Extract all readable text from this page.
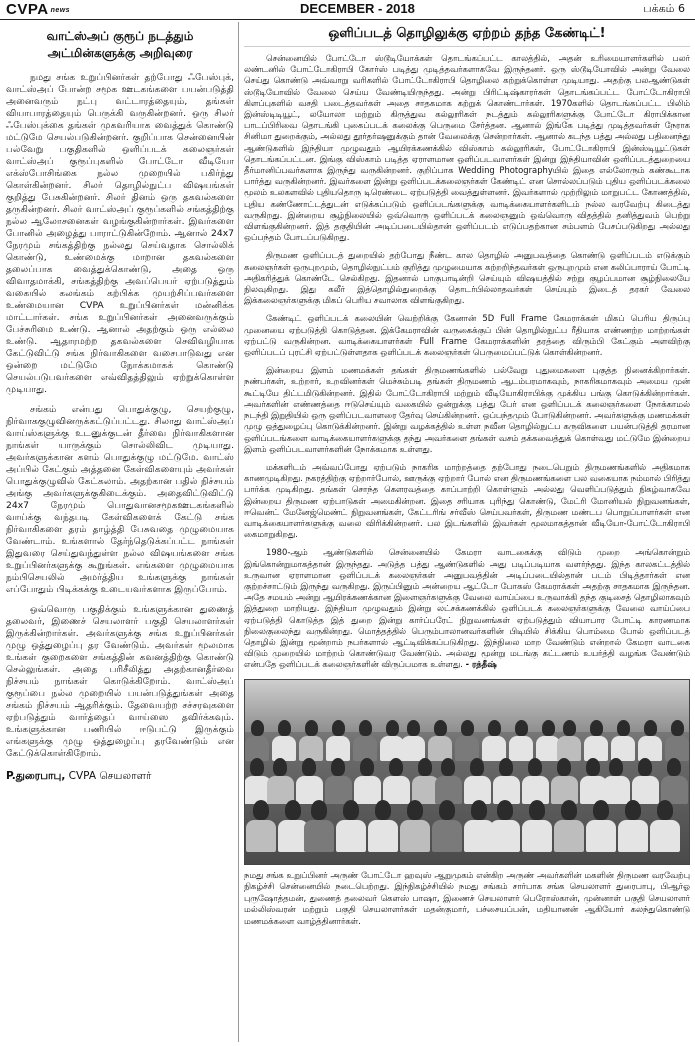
CVPA news	DECEMBER - 2018	பக்கம் 6
வாட்ஸ்அப் குரூப் நடத்தும் அட்மின்களுக்கு அறிவுரை

நமது சங்க உறுப்பினர்கள் தற்போது ஃபேஸ்புக், வாட்ஸ்அப் போன்ற சமூக ஊடகங்களை பயன்படுத்தி அனைவரும் நட்பு வட்டாரத்தையும், தங்கள் வியாபாரத்தையும் பெருக்கி வருகின்றனர். ஒரு சிலர் ஃபேஸ்புக்கை தங்கள் முகவரியாக வைத்துக் கொண்டு மட்டுமே செயல்படுகின்றனர். குறிப்பாக சென்னையின் பல்வேறு பகுதிகளில் ஒளிப்படக் கலைஞர்கள் வாட்ஸ்அப் குரூப்புகளில் போட்டோ வீடியோ எக்ஸ்போசிங்கை நல்ல முறையில் பகிர்ந்து கொள்கின்றனர். சிலர் தொழில்நுட்ப விஷயங்கள் குறித்து பேசுகின்றனர். சிலர் தினம் ஒரு தகவல்களை தருகின்றனர். சிலர் வாட்ஸ்அப் குரூப்களில் சங்கத்திற்கு நல்ல ஆலோசனைகள் வழங்குகின்றார்கள். இவர்களை போனில் அழைத்து பாராட்டுகின்றோம். ஆனால் 24x7 நேரமும் சங்கத்திற்கு நல்லது செய்வதாக சொல்லிக் கொண்டு, உண்மைக்கு மாறான தகவல்களை தலைப்பாக வைத்துக்கொண்டு, அதை ஒரு விவாதமாக்கி, சங்கத்திற்கு அவப்பெயர் ஏற்படுத்தும் வகையில் கலங்கம் கற்பிக்க முயற்சிப்பவர்களை உண்மையான CVPA உறுப்பினர்கள் மன்னிக்க மாட்டார்கள். சங்க உறுப்பினர்கள் அனைவருக்கும் பேச்சுரிமை உண்டு. ஆனால் அதற்கும் ஒரு எல்லை உண்டு. ஆதாரமற்ற தகவல்களை செவிவழியாக கேட்டுவிட்டு சங்க நிர்வாகிகளை வசைபாடுவது என ஒன்றை மட்டுமே நோக்கமாகக் கொண்டு செயல்படுபவர்களை எவ்விதத்திலும் ஏற்றுக்கொள்ள முடியாது.

சங்கம் என்பது பொதுக்குழு, செயற்குழு, நிர்வாககுழுவினருக்கட்டுப்பட்டது. சிலாது வாட்ஸ்அப் வாய்ஸ்களுக்கு உடனுக்குடன் தீர்வை நிர்வாகிகளான நாங்கள் யாருக்கும் சொல்லிவிட முடியாது. அவர்களுக்கான களம் பொதுக்குழு மட்டுமே. வாட்ஸ் அப்பில் கேட்கும் அத்தனை கேள்விகளையும் அவர்கள் பொதுக்குழுவில் கேட்கலாம். அதற்கான பதில் நிச்சயம் அங்கு அவர்களுக்குகிடைக்கும். அதைவிட்டுவிட்டு 24x7 நேரமும் பொதுவானசமூகஊடகங்களில் வாய்க்கு வந்தபடி கேள்விகளைக் கேட்டு சங்க நிர்வாகிகளை தரம் தாழ்த்தி பேசுவதை முழுமையாக வேண்டாம். உங்களால் தேர்ந்தெடுக்கப்பட்ட நாங்கள் இதுவரை செய்துவந்துள்ள நல்ல விஷயங்களை சங்க உறுப்பினர்களுக்கு கூறுங்கள். எங்களை முழுமையாக நம்பிசெயலில் அமர்த்திய உங்களுக்கு நாங்கள் எப்போதும் பிடிக்கக்கு உடையவர்களாக இருப்போம்.

ஒவ்வொரு பகுதிக்கும் உங்களுக்கான துணைத் தலைவர், இணைச் செயலாளர் பகுதி செயலாளர்கள் இருக்கின்றார்கள். அவர்களுக்கு சங்க உறுப்பினர்கள் முழு ஒத்துழைப்பு தர வேண்டும். அவர்கள் மூலமாக உங்கள் குறைகளை சங்கத்தின் கவனத்திற்கு கொண்டு செல்லுங்கள். அதை பரிசீலித்து அதற்கானதீர்வை நிச்சயம் நாங்கள் கொடுக்கிறோம். வாட்ஸ்அப் குரூப்பை நல்ல முறையில் பயன்படுத்துங்கள் அதை சங்கம் நிச்சயம் ஆதரிக்கும். தேவையற்ற சச்சரவுகளை ஏற்படுத்தும் வார்த்தைப் வாய்ஸை தவிர்க்கவும். உங்களுக்கான பணியில் ஈடுபட்டு இருக்கும் எங்களுக்கு முழு ஒத்துழைப்பு தரவேண்டும் என கேட்டுக்கொள்கிறோம்.

P.துரைபாபு, CVPA செயலாளர்
ஒளிப்படத் தொழிலுக்கு ஏற்றம் தந்த கேண்டிட்!

சென்னையில் போட்டோ ஸ்டூடியோக்கள் தொடங்கப்பட்ட காலத்தில், அதன் உரிமையாளர்களில் பலர் லண்டனில் போட்டோகிராபி கோர்ஸ் படித்து முடித்தவர்களாகவே இருந்தனர். ஒரு ஸ்டூடியோவில் அன்று வேலை செய்து கொண்டு அவ்வாறு வரிகளில் போட்டோகிராபி தொழிலை கற்றுக்கொள்ள முடியாது. அதற்கு பலஆண்டுகள் ஸ்டூடியோவில் வேலை செய்ய வேண்டியிருந்தது. அன்று பிரிட்டிஷ்காரர்கள் தொடங்கப்பட்ட போட்டோகிராபி கிளப்புகளில் வசதி படைத்தவர்கள் அதை சாதகமாக கற்றுக் கொண்டார்கள். 1970களில் தொடங்கப்பட்ட பிலிம் இன்ஸ்டிடியூட், லயோலா மற்றும் கிருத்துவ கல்லூரிகள் நடத்தும் கல்லூரிகளுக்கு போட்டோ கிராபிக்கான பாடப்பிரிவை தொடங்கி புகைப்படக் கலைக்கு பெருமை சேர்த்தன. ஆனால் இங்கே படித்து முடித்தவர்கள் நேராக சினிமா துறைக்கும், அல்லது தூர்தர்ஷனுக்கும் தான் வேலைக்கு சென்றார்கள். ஆனால் கடந்த பத்து அல்லது பதினைந்து ஆண்டுகளில் இந்தியா முழுவதும் ஆயிரக்கணக்கில் விஸ்காம் கல்லூரிகள், போட்டோகிராபி இன்ஸ்டியூட்டுகள் தொடங்கப்பட்டன. இங்கு விஸ்காம் படித்த ஏராளமான ஒளிப்படவாளர்கள் இன்று இந்தியாவின் ஒளிப்படத்துறையை தீர்மானிப்பவர்களாக இருந்து வருகின்றனர். குறிப்பாக Wedding Photographyயில் இதை எல்லோரும் கண்கூடாக பார்த்து வருகின்றனர். இவர்களை இன்று ஒளிப்படக்கலைஞர்கள் கேண்டிட் என சொல்லப்படும் புதிய ஒளிப்படக்கலை மூலம் உலகளவில் புதியதொரு டிரெண்டை ஏற்படுத்தி வைத்துள்ளனர். இவர்களால் முற்றிலும் மாறுபட்ட கோணத்தில், புதிய கண்ணோட்டத்துடன் எடுக்கப்படும் ஒளிப்படங்களுக்கு வாடிக்கையாளர்களிடம் நல்ல வரவேற்பு கிடைத்து வருகிறது. இன்றைய சூழ்நிலையில் ஒவ்வொரு ஒளிப்படக் கலைஞனும் ஒவ்வொரு விதத்தில் தனித்துவம் பெற்று விளங்குகின்றனர். இத் தகுதியின் அடிப்படையில்தான் ஒளிப்படம் எடுப்பதற்கான சம்பளம் பேசப்படுகிறது அல்லது ஒப்பந்தம் போடப்படுகிறது.

திருமண ஒளிப்படத் துறையில் தற்போது நீண்ட கால தொழில் அனுபவத்தை கொண்டு ஒளிப்படம் எடுக்கும் கலைஞர்கள் ஒருபுறமும், தொழில்நுட்பம் குறித்து முழுமையாக கற்றறிந்தவர்கள் ஒருபுறமும் என கலிப்பாராய் போட்டி அதிகரித்துக் கொண்டே செல்கிறது. இதனால் பாகுபாடின்றி செய்யும் விஷயத்தில் சற்று குழப்பமான சூழ்நிலையே நிலவுகிறது. இது கலீர் இத்தொழில்துறைக்கு தொடர்பில்லாதவர்கள் செய்யும் இடைத் தரகர் வேலை இக்கலைஞர்களுக்கு மிகப் பெரிய சவாலாக விளங்குகிறது.

கேண்டிட் ஒளிப்படக் கலையின் வெற்றிக்கு கேனான் 5D Full Frame கேமராக்கள் மிகப் பெரிய திருப்பு முனையை ஏற்படுத்தி கொடுத்தன. இக்கேமராவின் வருகைக்குப் பின் தொழில்நுட்ப ரீதியாக எண்ணற்ற மாற்றங்கள் ஏற்பட்டு வருகின்றன. வாடிக்கையாளர்கள் Full Frame கேமராக்களின் தரத்தை விரும்பி கேட்கும் அளவிற்கு ஒளிப்படப் புரட்சி ஏற்பட்டுள்ளதாக ஒளிப்படக் கலைஞர்கள் பெருமைப்பட்டுக் கொள்கின்றனர்.

இன்றைய இளம் மணமக்கள் தங்கள் திருமணங்களில் பல்வேறு புதுமைகளை புகுத்த நினைக்கிறார்கள். நண்பர்கள், உற்றார், உறவினர்கள் மெச்சும்படி தங்கள் திருமணம் ஆடம்பரமாகவும், நாகரிகமாகவும் அமைய முன் கூட்டியே திட்டமிடுகின்றனர். இதில் போட்டோகிராபி மற்றும் வீடியோகிராபிக்கு முக்கிய பங்கு கொடுக்கின்றார்கள். அவர்களின் எண்ணத்தை ஈடுசெய்யும் வகையில் ஒன்றுக்கு பத்து பேர் என ஒளிப்படக் கலைஞர்களை நோக்காமல் நடந்தி இறுதியில் ஒரு ஒளிப்படவாளரை தேர்வு செய்கின்றனர். ஒப்பந்தமும் போடுகின்றனர். அவர்களுக்கு மணமக்கள் முழு ஒத்துழைப்பு கொடுக்கின்றனர். இன்று வழக்கத்தில் உள்ள நவீன தொழில்நுட்ப கருவிகளை பயன்படுத்தி தரமான ஒளிப்படங்களை வாடிக்கையாளர்களுக்கு தந்து அவர்களை தங்கள் வசம் தக்கவைத்துக் கொள்வது மட்டுமே இன்றைய இளம் ஒளிப்படவாளர்களின் நோக்கமாக உள்ளது.

மக்களிடம் அவ்வப்போது ஏற்படும் நாகரிக மாற்றத்தை தற்போது நடைபெறும் திருமணங்களில் அதிகமாக காணமுடிகிறது. நகரத்திற்கு ஏற்றார்போல், ஊருக்கு ஏற்றார் போல் என திருமணங்களை பல வகையாக நம்மால் பிரித்து பார்க்க முடிகிறது. தங்கள் சொந்த கௌரவத்தை காப்பாற்றி கொள்ளும் அல்லது வெளிப்படுத்தும் நிகழ்வாகவே இன்றைய திருமண ஏற்பாடுகள் அமைகின்றன. இதை சரியாக புரிந்து கொண்டு, மேட்ரி மோனியல் நிறுவனங்கள், ஈவென்ட் மேனேஜ்மெண்ட் நிறுவனங்கள், கேட்டரிங் சர்வீஸ் செய்பவர்கள், திருமண மண்டப பொறுப்பாளர்கள் என வாடிக்கையாளர்களுக்கு வலை விரிக்கின்றனர். பல இடங்களில் இவர்கள் மூலமாகத்தான் வீடியோ-போட்டோகிராபி கைமாறுகிறது.

1980-ஆம் ஆண்டுகளில் சென்னையில் கேமரா வாடகைக்கு விடும் முறை அங்கொன்றும் இங்கொன்றுமாகத்தான் இருந்தது. அடுத்த பத்து ஆண்டுகளில் அது படிப்படியாக வளர்ந்தது. இந்த காலகட்டத்தில் உருவான ஏராளமான ஒளிப்படக் கலைஞர்கள் அனுபவத்தின் அடிப்படையில்தான் படம் பிடித்தார்கள் என குற்றச்சாட்டும் இருந்து வருகிறது. இருப்பினும் அன்றைய ஆட்டோ போகஸ் கேமராக்கள் அதற்கு சாதகமாக இருந்தன. அதே சமயம் அன்று ஆயிரக்கணக்கான இளைஞர்களுக்கு வேலை வாய்ப்பை உருவாக்கி தந்த குடிசைத் தொழிலாகவும் இத்துறை மாறியது. இந்தியா முழுவதும் இன்று லட்சக்கணக்கில் ஒளிப்படக் கலைஞர்களுக்கு வேலை வாய்ப்பை ஏற்படுத்தி கொடுத்த இத் துறை இன்று கார்ப்பரேட் நிறுவனங்கள் ஏற்படுத்தும் வியாபார போட்டி காரணமாக நிலைகுலைந்து வருகின்றது. மொத்தத்தில் பெரும்பாலானவர்களின் பிடியில் சிக்கிய பொம்மை போல் ஒளிப்படத் தொழில் இன்று மூன்றாம் நபர்களால் ஆட்டிவிக்கப்படுகிறது. இந்நிலை மாற வேண்டும் என்றால் கேமரா வாடகை விடும் முறையில் மாற்றம் கொண்டுவர வேண்டும். அல்லது மூன்று மடங்கு கட்டணம் உயர்த்தி வழங்க வேண்டும் என்பதே ஒளிப்படக் கலைஞர்களின் விருப்பமாக உள்ளது. - ரத்தீஷ்

நமது சங்க உறுப்பினர் அருண் போட்டோ ஹவுஸ் ஆறுமுகம் என்கிற அருண் அவர்களின் மகளின் திருமண வரவேற்பு நிகழ்ச்சி சென்னையில் நடைபெற்றது. இந்நிகழ்ச்சியில் நமது சங்கம் சார்பாக சங்க செயலாளர் துரைபாபு, பிஆர்ஓ புருஷோத்தமன், துணைத் தலைவர் கௌஸ் பாஷா, இணைச் செயலாளர் பெரோஸ்கான், முன்னாள் பகுதி செயலாளர் மல்லிஸ்வரன் மற்றும் பகுதி செயலாளர்கள் மதன்குமார், பச்சையப்பன், மதியானன் ஆகியோர் கலந்துகொண்டு மணமக்களை வாழ்த்தினார்கள்.
